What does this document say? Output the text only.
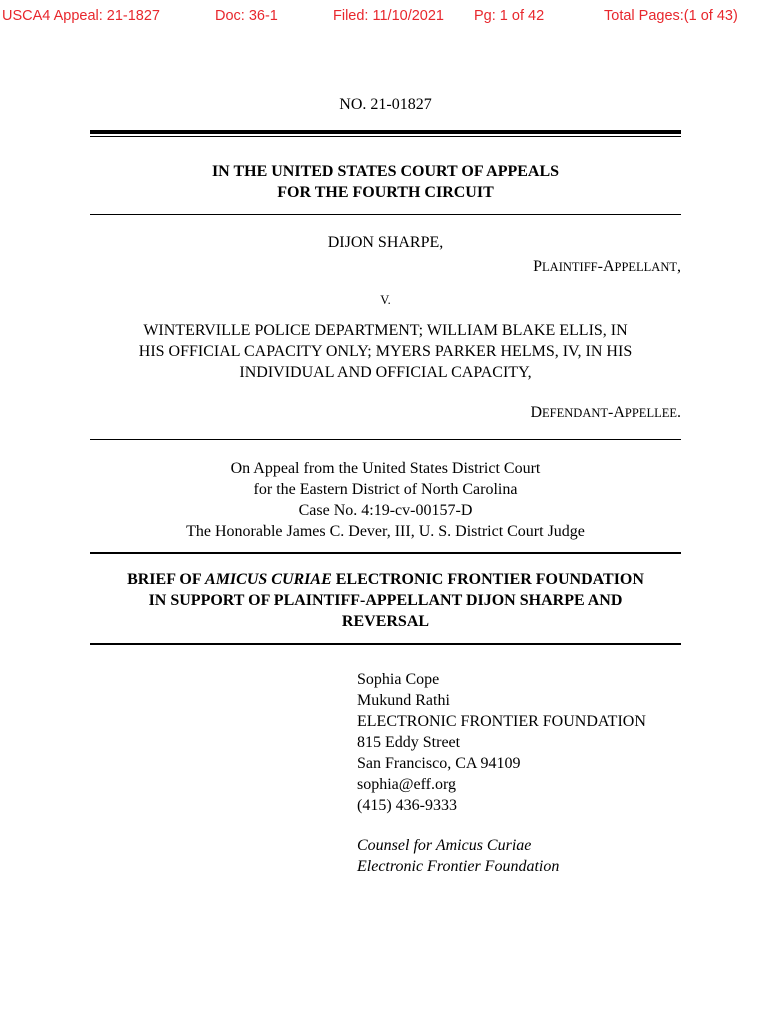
USCA4 Appeal: 21-1827	Doc: 36-1	Filed: 11/10/2021 Pg: 1 of 42	Total Pages:(1 of 43)
NO. 21-01827
IN THE UNITED STATES COURT OF APPEALS
FOR THE FOURTH CIRCUIT
DIJON SHARPE,
PLAINTIFF-APPELLANT,
V.
WINTERVILLE POLICE DEPARTMENT; WILLIAM BLAKE ELLIS, IN
HIS OFFICIAL CAPACITY ONLY; MYERS PARKER HELMS, IV, IN HIS
INDIVIDUAL AND OFFICIAL CAPACITY,
DEFENDANT-APPELLEE.
On Appeal from the United States District Court
for the Eastern District of North Carolina
Case No. 4:19-cv-00157-D
The Honorable James C. Dever, III, U. S. District Court Judge
BRIEF OF AMICUS CURIAE ELECTRONIC FRONTIER FOUNDATION
IN SUPPORT OF PLAINTIFF-APPELLANT DIJON SHARPE AND
REVERSAL
Sophia Cope
Mukund Rathi
ELECTRONIC FRONTIER FOUNDATION
815 Eddy Street
San Francisco, CA 94109
sophia@eff.org
(415) 436-9333
Counsel for Amicus Curiae
Electronic Frontier Foundation
